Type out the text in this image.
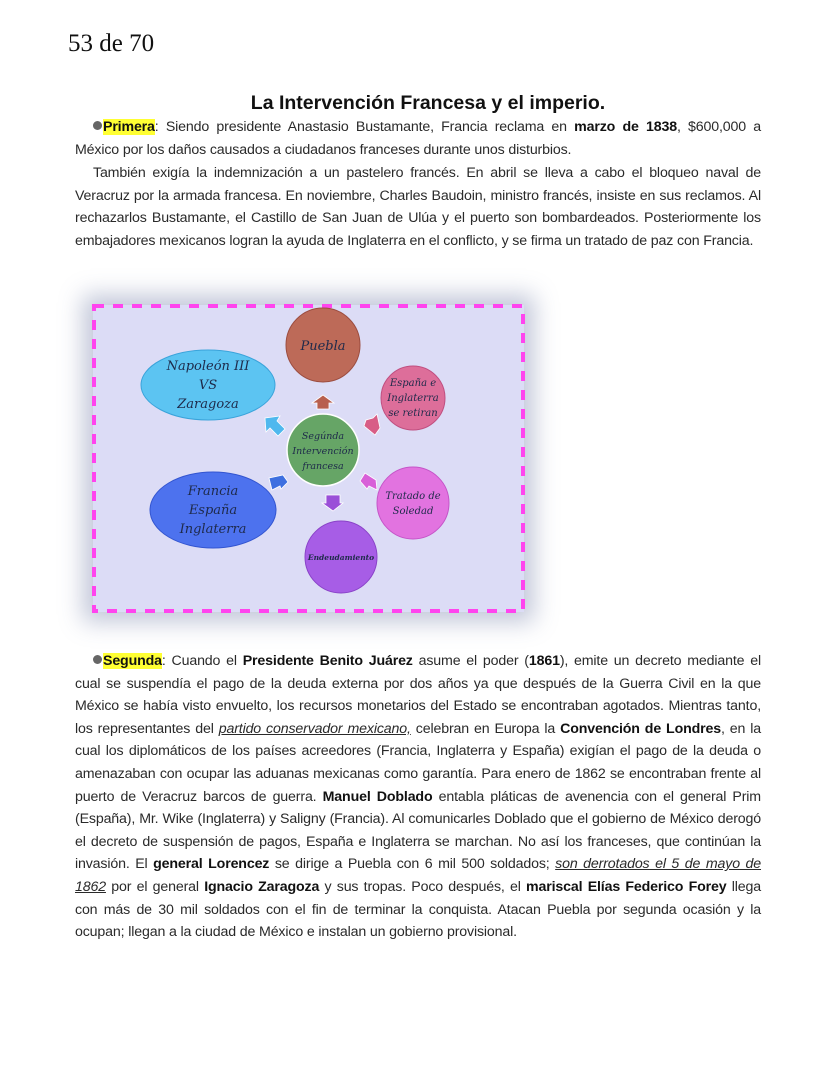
53 de 70
La Intervención Francesa y el imperio.
Primera: Siendo presidente Anastasio Bustamante, Francia reclama en marzo de 1838, $600,000 a México por los daños causados a ciudadanos franceses durante unos disturbios.
También exigía la indemnización a un pastelero francés. En abril se lleva a cabo el bloqueo naval de Veracruz por la armada francesa. En noviembre, Charles Baudoin, ministro francés, insiste en sus reclamos. Al rechazarlos Bustamante, el Castillo de San Juan de Ulúa y el puerto son bombardeados. Posteriormente los embajadores mexicanos logran la ayuda de Inglaterra en el conflicto, y se firma un tratado de paz con Francia.
Puebla
Napoleón III
VS
Zaragoza
España e
Inglaterra
se retiran
Segúnda
Intervención
francesa
Francia
España
Inglaterra
Tratado de
Soledad
Endeudamiento
Segunda: Cuando el Presidente Benito Juárez asume el poder (1861), emite un decreto mediante el cual se suspendía el pago de la deuda externa por dos años ya que después de la Guerra Civil en la que México se había visto envuelto, los recursos monetarios del Estado se encontraban agotados. Mientras tanto, los representantes del partido conservador mexicano, celebran en Europa la Convención de Londres, en la cual los diplomáticos de los países acreedores (Francia, Inglaterra y España) exigían el pago de la deuda o amenazaban con ocupar las aduanas mexicanas como garantía. Para enero de 1862 se encontraban frente al puerto de Veracruz barcos de guerra. Manuel Doblado entabla pláticas de avenencia con el general Prim (España), Mr. Wike (Inglaterra) y Saligny (Francia). Al comunicarles Doblado que el gobierno de México derogó el decreto de suspensión de pagos, España e Inglaterra se marchan. No así los franceses, que continúan la invasión. El general Lorencez se dirige a Puebla con 6 mil 500 soldados; son derrotados el 5 de mayo de 1862 por el general Ignacio Zaragoza y sus tropas. Poco después, el mariscal Elías Federico Forey llega con más de 30 mil soldados con el fin de terminar la conquista. Atacan Puebla por segunda ocasión y la ocupan; llegan a la ciudad de México e instalan un gobierno provisional.
